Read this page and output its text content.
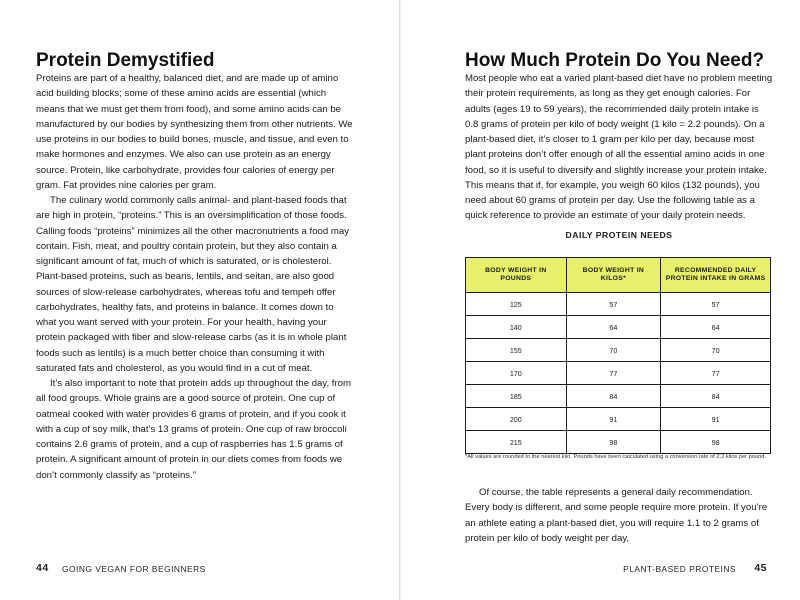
Protein Demystified

Proteins are part of a healthy, balanced diet, and are made up of amino acid building blocks; some of these amino acids are essential (which means that we must get them from food), and some amino acids can be manufactured by our bodies by synthesizing them from other nutrients. We use proteins in our bodies to build bones, muscle, and tissue, and even to make hormones and enzymes. We also can use protein as an energy source. Protein, like carbohydrate, provides four calories of energy per gram. Fat provides nine calories per gram.

The culinary world commonly calls animal- and plant-based foods that are high in protein, “proteins.” This is an oversimplification of those foods. Calling foods “proteins” minimizes all the other macronutrients a food may contain. Fish, meat, and poultry contain protein, but they also contain a significant amount of fat, much of which is saturated, or is cholesterol. Plant-based proteins, such as beans, lentils, and seitan, are also good sources of slow-release carbohydrates, whereas tofu and tempeh offer carbohydrates, healthy fats, and proteins in balance. It comes down to what you want served with your protein. For your health, having your protein packaged with fiber and slow-release carbs (as it is in whole plant foods such as lentils) is a much better choice than consuming it with saturated fats and cholesterol, as you would find in a cut of meat.

It’s also important to note that protein adds up throughout the day, from all food groups. Whole grains are a good source of protein. One cup of oatmeal cooked with water provides 6 grams of protein, and if you cook it with a cup of soy milk, that’s 13 grams of protein. One cup of raw broccoli contains 2.6 grams of protein, and a cup of raspberries has 1.5 grams of protein. A significant amount of protein in our diets comes from foods we don’t commonly classify as “proteins.”

44 GOING VEGAN FOR BEGINNERS
How Much Protein Do You Need?

Most people who eat a varied plant-based diet have no problem meeting their protein requirements, as long as they get enough calories. For adults (ages 19 to 59 years), the recommended daily protein intake is 0.8 grams of protein per kilo of body weight (1 kilo = 2.2 pounds). On a plant-based diet, it’s closer to 1 gram per kilo per day, because most plant proteins don’t offer enough of all the essential amino acids in one food, so it is useful to diversify and slightly increase your protein intake. This means that if, for example, you weigh 60 kilos (132 pounds), you need about 60 grams of protein per day. Use the following table as a quick reference to provide an estimate of your daily protein needs.

DAILY PROTEIN NEEDS
BODY WEIGHT IN POUNDS	BODY WEIGHT IN KILOS*	RECOMMENDED DAILY PROTEIN INTAKE IN GRAMS
125	57	57
140	64	64
155	70	70
170	77	77
185	84	84
200	91	91
215	98	98
*All values are rounded to the nearest kilo. Pounds have been calculated using a conversion rate of 2.2 kilos per pound.

Of course, the table represents a general daily recommendation. Every body is different, and some people require more protein. If you’re an athlete eating a plant-based diet, you will require 1.1 to 2 grams of protein per kilo of body weight per day,

PLANT-BASED PROTEINS 45
